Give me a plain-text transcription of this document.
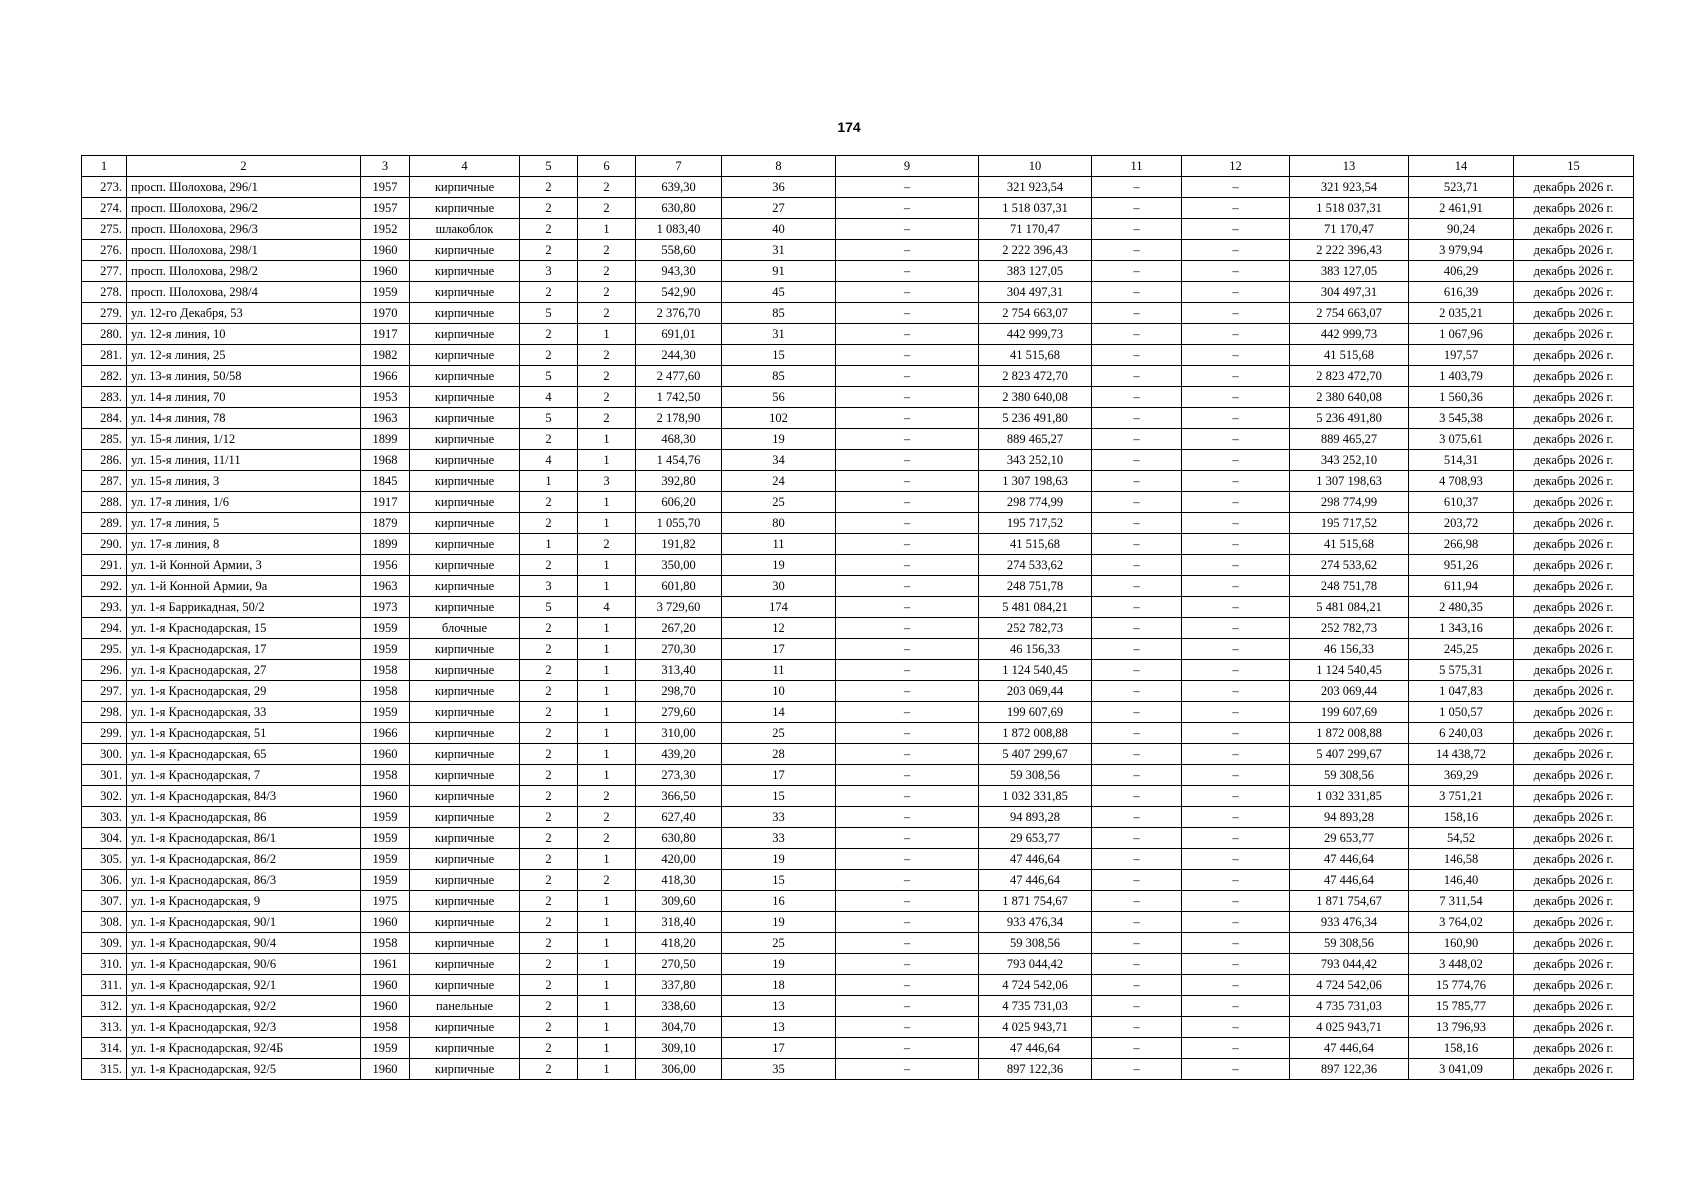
174
1	2	3	4	5	6	7	8	9	10	11	12	13	14	15
273.	просп. Шолохова, 296/1	1957	кирпичные	2	2	639,30	36	–	321 923,54	–	–	321 923,54	523,71	декабрь 2026 г.
274.	просп. Шолохова, 296/2	1957	кирпичные	2	2	630,80	27	–	1 518 037,31	–	–	1 518 037,31	2 461,91	декабрь 2026 г.
275.	просп. Шолохова, 296/3	1952	шлакоблок	2	1	1 083,40	40	–	71 170,47	–	–	71 170,47	90,24	декабрь 2026 г.
276.	просп. Шолохова, 298/1	1960	кирпичные	2	2	558,60	31	–	2 222 396,43	–	–	2 222 396,43	3 979,94	декабрь 2026 г.
277.	просп. Шолохова, 298/2	1960	кирпичные	3	2	943,30	91	–	383 127,05	–	–	383 127,05	406,29	декабрь 2026 г.
278.	просп. Шолохова, 298/4	1959	кирпичные	2	2	542,90	45	–	304 497,31	–	–	304 497,31	616,39	декабрь 2026 г.
279.	ул. 12-го Декабря, 53	1970	кирпичные	5	2	2 376,70	85	–	2 754 663,07	–	–	2 754 663,07	2 035,21	декабрь 2026 г.
280.	ул. 12-я линия, 10	1917	кирпичные	2	1	691,01	31	–	442 999,73	–	–	442 999,73	1 067,96	декабрь 2026 г.
281.	ул. 12-я линия, 25	1982	кирпичные	2	2	244,30	15	–	41 515,68	–	–	41 515,68	197,57	декабрь 2026 г.
282.	ул. 13-я линия, 50/58	1966	кирпичные	5	2	2 477,60	85	–	2 823 472,70	–	–	2 823 472,70	1 403,79	декабрь 2026 г.
283.	ул. 14-я линия, 70	1953	кирпичные	4	2	1 742,50	56	–	2 380 640,08	–	–	2 380 640,08	1 560,36	декабрь 2026 г.
284.	ул. 14-я линия, 78	1963	кирпичные	5	2	2 178,90	102	–	5 236 491,80	–	–	5 236 491,80	3 545,38	декабрь 2026 г.
285.	ул. 15-я линия, 1/12	1899	кирпичные	2	1	468,30	19	–	889 465,27	–	–	889 465,27	3 075,61	декабрь 2026 г.
286.	ул. 15-я линия, 11/11	1968	кирпичные	4	1	1 454,76	34	–	343 252,10	–	–	343 252,10	514,31	декабрь 2026 г.
287.	ул. 15-я линия, 3	1845	кирпичные	1	3	392,80	24	–	1 307 198,63	–	–	1 307 198,63	4 708,93	декабрь 2026 г.
288.	ул. 17-я линия, 1/6	1917	кирпичные	2	1	606,20	25	–	298 774,99	–	–	298 774,99	610,37	декабрь 2026 г.
289.	ул. 17-я линия, 5	1879	кирпичные	2	1	1 055,70	80	–	195 717,52	–	–	195 717,52	203,72	декабрь 2026 г.
290.	ул. 17-я линия, 8	1899	кирпичные	1	2	191,82	11	–	41 515,68	–	–	41 515,68	266,98	декабрь 2026 г.
291.	ул. 1-й Конной Армии, 3	1956	кирпичные	2	1	350,00	19	–	274 533,62	–	–	274 533,62	951,26	декабрь 2026 г.
292.	ул. 1-й Конной Армии, 9а	1963	кирпичные	3	1	601,80	30	–	248 751,78	–	–	248 751,78	611,94	декабрь 2026 г.
293.	ул. 1-я Баррикадная, 50/2	1973	кирпичные	5	4	3 729,60	174	–	5 481 084,21	–	–	5 481 084,21	2 480,35	декабрь 2026 г.
294.	ул. 1-я Краснодарская, 15	1959	блочные	2	1	267,20	12	–	252 782,73	–	–	252 782,73	1 343,16	декабрь 2026 г.
295.	ул. 1-я Краснодарская, 17	1959	кирпичные	2	1	270,30	17	–	46 156,33	–	–	46 156,33	245,25	декабрь 2026 г.
296.	ул. 1-я Краснодарская, 27	1958	кирпичные	2	1	313,40	11	–	1 124 540,45	–	–	1 124 540,45	5 575,31	декабрь 2026 г.
297.	ул. 1-я Краснодарская, 29	1958	кирпичные	2	1	298,70	10	–	203 069,44	–	–	203 069,44	1 047,83	декабрь 2026 г.
298.	ул. 1-я Краснодарская, 33	1959	кирпичные	2	1	279,60	14	–	199 607,69	–	–	199 607,69	1 050,57	декабрь 2026 г.
299.	ул. 1-я Краснодарская, 51	1966	кирпичные	2	1	310,00	25	–	1 872 008,88	–	–	1 872 008,88	6 240,03	декабрь 2026 г.
300.	ул. 1-я Краснодарская, 65	1960	кирпичные	2	1	439,20	28	–	5 407 299,67	–	–	5 407 299,67	14 438,72	декабрь 2026 г.
301.	ул. 1-я Краснодарская, 7	1958	кирпичные	2	1	273,30	17	–	59 308,56	–	–	59 308,56	369,29	декабрь 2026 г.
302.	ул. 1-я Краснодарская, 84/3	1960	кирпичные	2	2	366,50	15	–	1 032 331,85	–	–	1 032 331,85	3 751,21	декабрь 2026 г.
303.	ул. 1-я Краснодарская, 86	1959	кирпичные	2	2	627,40	33	–	94 893,28	–	–	94 893,28	158,16	декабрь 2026 г.
304.	ул. 1-я Краснодарская, 86/1	1959	кирпичные	2	2	630,80	33	–	29 653,77	–	–	29 653,77	54,52	декабрь 2026 г.
305.	ул. 1-я Краснодарская, 86/2	1959	кирпичные	2	1	420,00	19	–	47 446,64	–	–	47 446,64	146,58	декабрь 2026 г.
306.	ул. 1-я Краснодарская, 86/3	1959	кирпичные	2	2	418,30	15	–	47 446,64	–	–	47 446,64	146,40	декабрь 2026 г.
307.	ул. 1-я Краснодарская, 9	1975	кирпичные	2	1	309,60	16	–	1 871 754,67	–	–	1 871 754,67	7 311,54	декабрь 2026 г.
308.	ул. 1-я Краснодарская, 90/1	1960	кирпичные	2	1	318,40	19	–	933 476,34	–	–	933 476,34	3 764,02	декабрь 2026 г.
309.	ул. 1-я Краснодарская, 90/4	1958	кирпичные	2	1	418,20	25	–	59 308,56	–	–	59 308,56	160,90	декабрь 2026 г.
310.	ул. 1-я Краснодарская, 90/6	1961	кирпичные	2	1	270,50	19	–	793 044,42	–	–	793 044,42	3 448,02	декабрь 2026 г.
311.	ул. 1-я Краснодарская, 92/1	1960	кирпичные	2	1	337,80	18	–	4 724 542,06	–	–	4 724 542,06	15 774,76	декабрь 2026 г.
312.	ул. 1-я Краснодарская, 92/2	1960	панельные	2	1	338,60	13	–	4 735 731,03	–	–	4 735 731,03	15 785,77	декабрь 2026 г.
313.	ул. 1-я Краснодарская, 92/3	1958	кирпичные	2	1	304,70	13	–	4 025 943,71	–	–	4 025 943,71	13 796,93	декабрь 2026 г.
314.	ул. 1-я Краснодарская, 92/4Б	1959	кирпичные	2	1	309,10	17	–	47 446,64	–	–	47 446,64	158,16	декабрь 2026 г.
315.	ул. 1-я Краснодарская, 92/5	1960	кирпичные	2	1	306,00	35	–	897 122,36	–	–	897 122,36	3 041,09	декабрь 2026 г.
